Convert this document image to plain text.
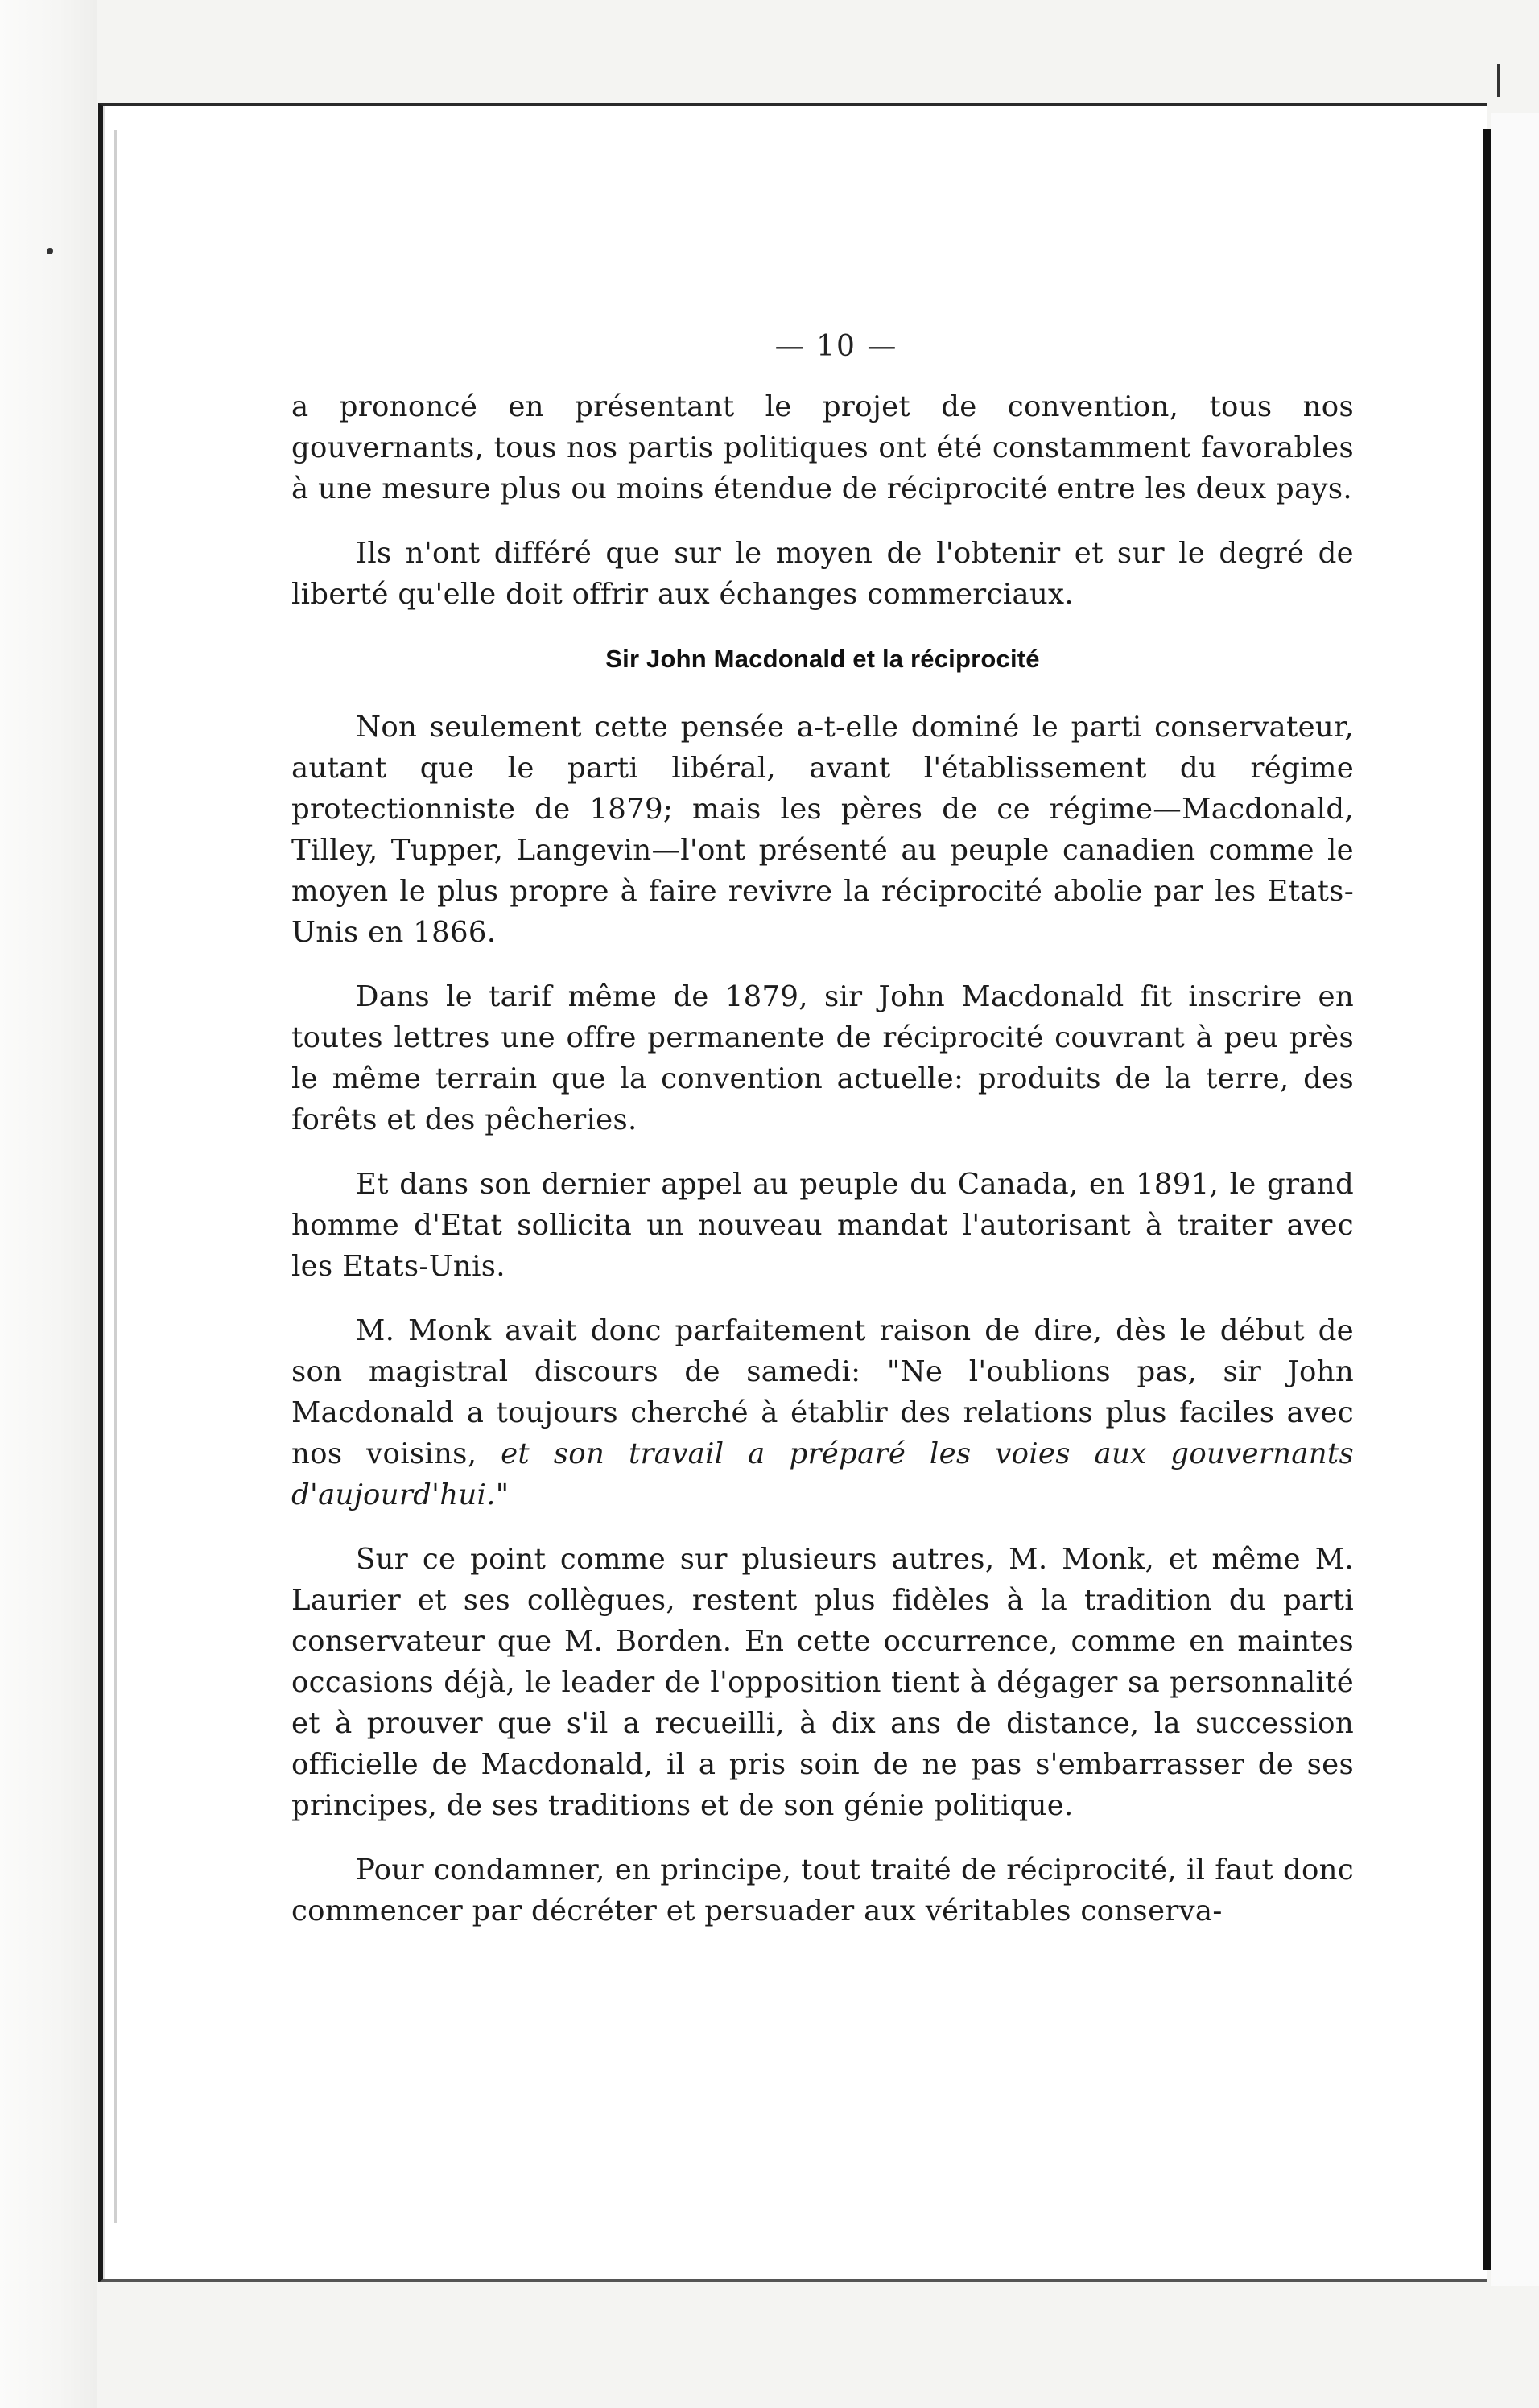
— 10 —

a prononcé en présentant le projet de convention, tous nos gouvernants, tous nos partis politiques ont été constamment favorables à une mesure plus ou moins étendue de réciprocité entre les deux pays.

Ils n'ont différé que sur le moyen de l'obtenir et sur le degré de liberté qu'elle doit offrir aux échanges commerciaux.

Sir John Macdonald et la réciprocité

Non seulement cette pensée a-t-elle dominé le parti conservateur, autant que le parti libéral, avant l'établissement du régime protectionniste de 1879; mais les pères de ce régime—Macdonald, Tilley, Tupper, Langevin—l'ont présenté au peuple canadien comme le moyen le plus propre à faire revivre la réciprocité abolie par les Etats-Unis en 1866.

Dans le tarif même de 1879, sir John Macdonald fit inscrire en toutes lettres une offre permanente de réciprocité couvrant à peu près le même terrain que la convention actuelle: produits de la terre, des forêts et des pêcheries.

Et dans son dernier appel au peuple du Canada, en 1891, le grand homme d'Etat sollicita un nouveau mandat l'autorisant à traiter avec les Etats-Unis.

M. Monk avait donc parfaitement raison de dire, dès le début de son magistral discours de samedi: "Ne l'oublions pas, sir John Macdonald a toujours cherché à établir des relations plus faciles avec nos voisins, et son travail a préparé les voies aux gouvernants d'aujourd'hui."

Sur ce point comme sur plusieurs autres, M. Monk, et même M. Laurier et ses collègues, restent plus fidèles à la tradition du parti conservateur que M. Borden. En cette occurrence, comme en maintes occasions déjà, le leader de l'opposition tient à dégager sa personnalité et à prouver que s'il a recueilli, à dix ans de distance, la succession officielle de Macdonald, il a pris soin de ne pas s'embarrasser de ses principes, de ses traditions et de son génie politique.

Pour condamner, en principe, tout traité de réciprocité, il faut donc commencer par décréter et persuader aux véritables conserva-
